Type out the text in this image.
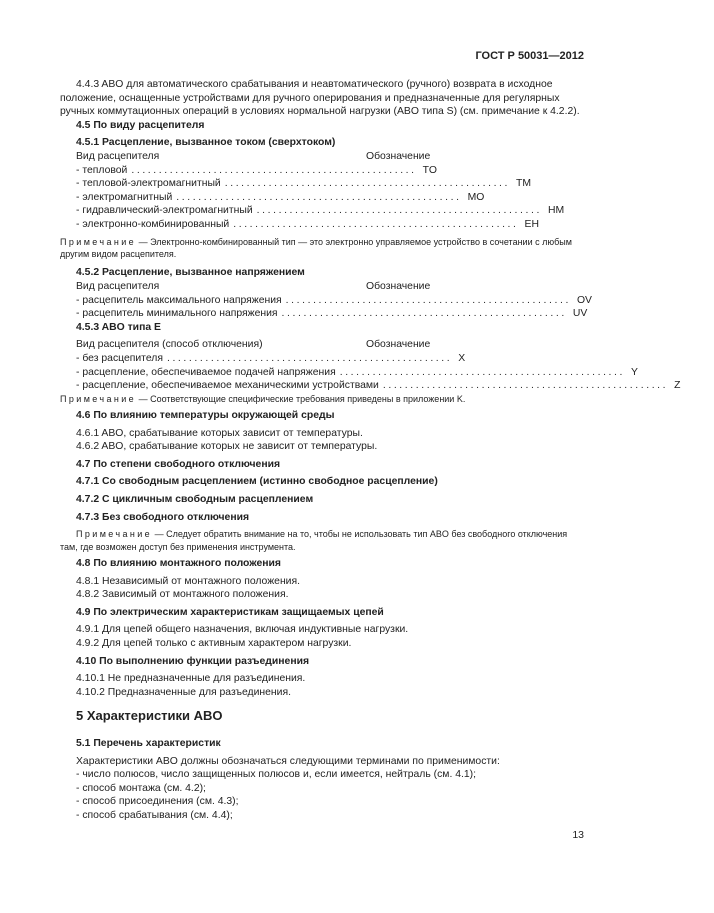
ГОСТ Р 50031—2012

4.4.3 ABO для автоматического срабатывания и неавтоматического (ручного) возврата в исходное положение, оснащенные устройствами для ручного оперирования и предназначенные для регулярных ручных коммутационных операций в условиях нормальной нагрузки (ABO типа S) (см. примечание к 4.2.2).

4.5 По виду расцепителя

4.5.1 Расцепление, вызванное током (сверхтоком)

Вид расцепителя	Обозначение
- тепловой .................................................... TO
- тепловой-электромагнитный .................................................... TM
- электромагнитный .................................................... MO
- гидравлический-электромагнитный .................................................... HM
- электронно-комбинированный .................................................... EH

Примечание — Электронно-комбинированный тип — это электронно управляемое устройство в сочетании с любым другим видом расцепителя.

4.5.2 Расцепление, вызванное напряжением

Вид расцепителя	Обозначение
- расцепитель максимального напряжения .................................................... OV
- расцепитель минимального напряжения .................................................... UV

4.5.3 ABO типа E

Вид расцепителя (способ отключения)	Обозначение
- без расцепителя .................................................... X
- расцепление, обеспечиваемое подачей напряжения .................................................... Y
- расцепление, обеспечиваемое механическими устройствами .................................................... Z

Примечание — Соответствующие специфические требования приведены в приложении K.

4.6 По влиянию температуры окружающей среды

4.6.1 ABO, срабатывание которых зависит от температуры.

4.6.2 ABO, срабатывание которых не зависит от температуры.

4.7 По степени свободного отключения

4.7.1 Со свободным расцеплением (истинно свободное расцепление)

4.7.2 С цикличным свободным расцеплением

4.7.3 Без свободного отключения

Примечание — Следует обратить внимание на то, чтобы не использовать тип ABO без свободного отключения там, где возможен доступ без применения инструмента.

4.8 По влиянию монтажного положения

4.8.1 Независимый от монтажного положения.

4.8.2 Зависимый от монтажного положения.

4.9 По электрическим характеристикам защищаемых цепей

4.9.1 Для цепей общего назначения, включая индуктивные нагрузки.

4.9.2 Для цепей только с активным характером нагрузки.

4.10 По выполнению функции разъединения

4.10.1 Не предназначенные для разъединения.

4.10.2 Предназначенные для разъединения.

5 Характеристики ABO

5.1 Перечень характеристик

Характеристики ABO должны обозначаться следующими терминами по применимости:

- число полюсов, число защищенных полюсов и, если имеется, нейтраль (см. 4.1);

- способ монтажа (см. 4.2);

- способ присоединения (см. 4.3);

- способ срабатывания (см. 4.4);

13
